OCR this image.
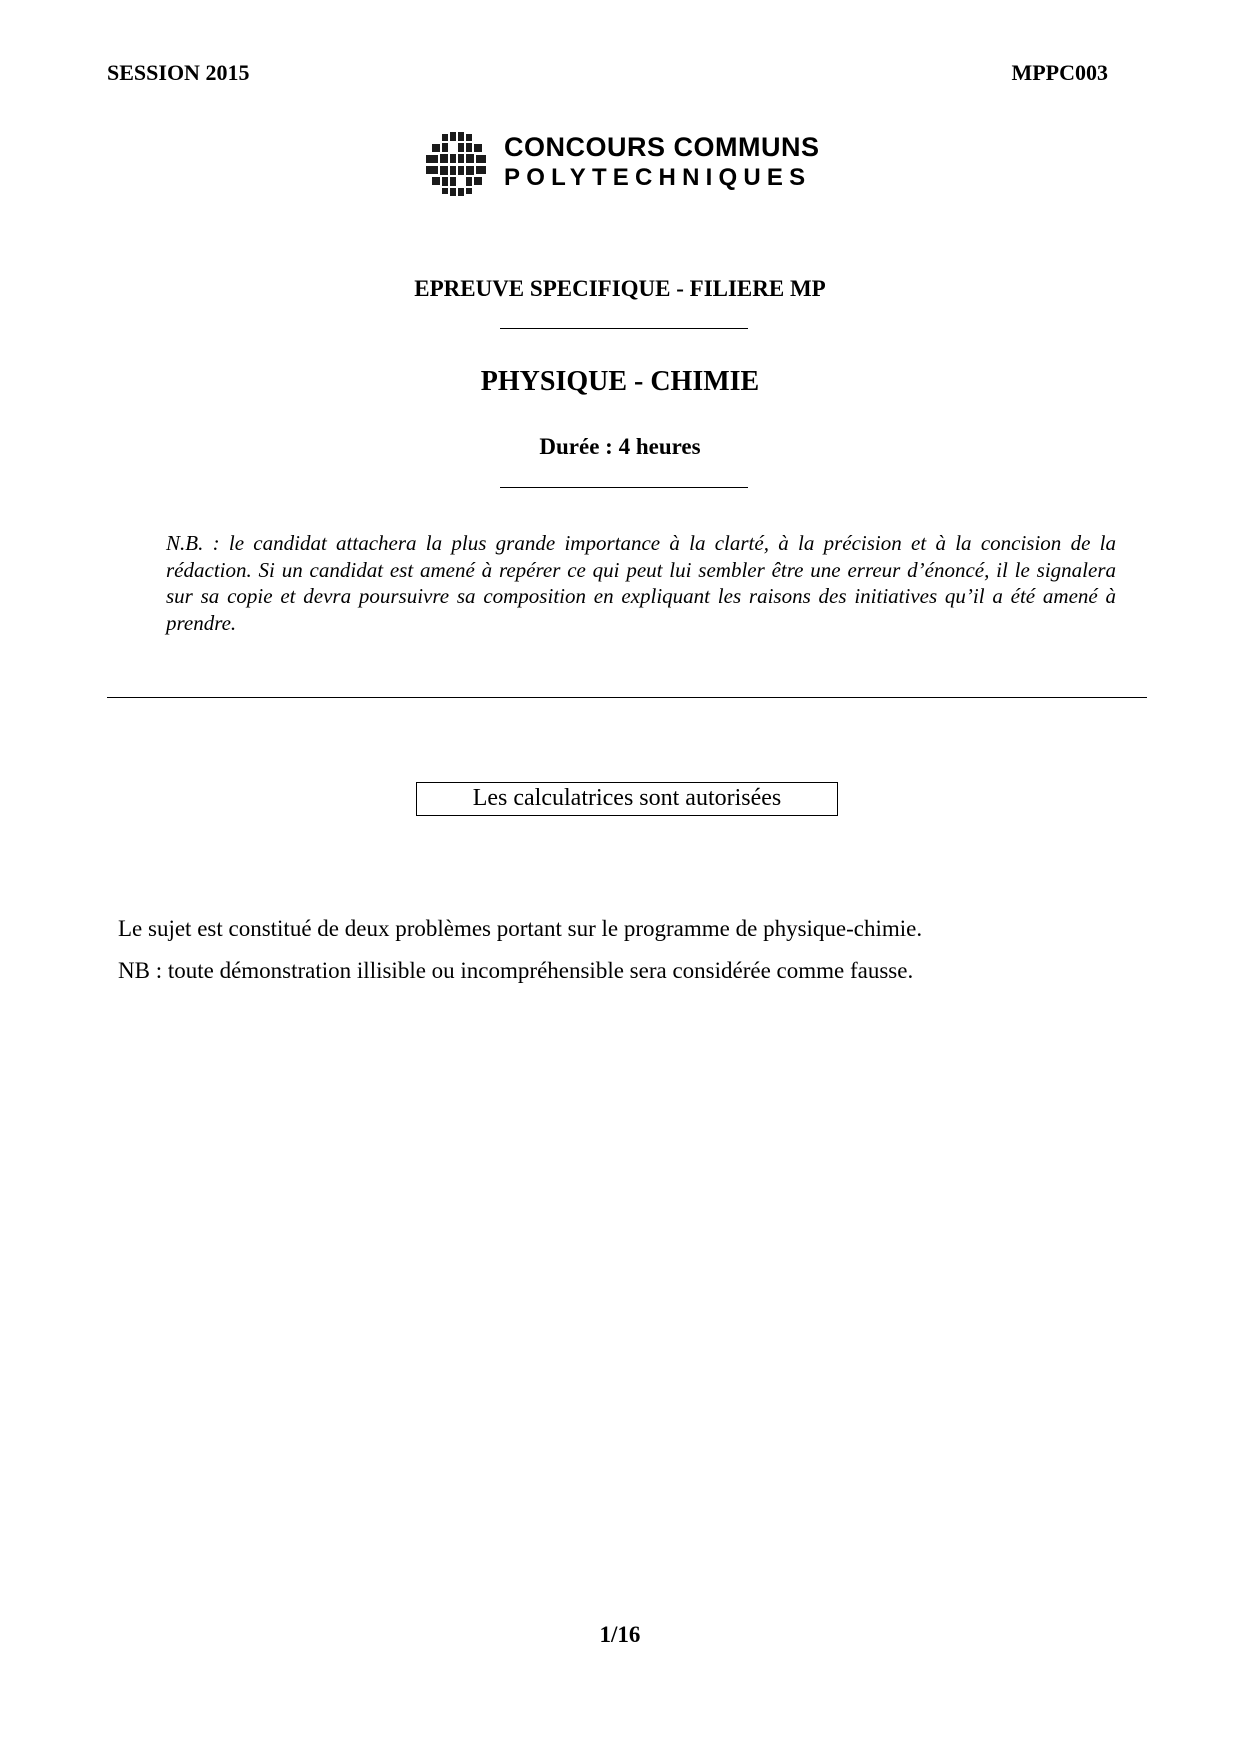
SESSION 2015	MPPC003
CONCOURS COMMUNS
POLYTECHNIQUES
EPREUVE SPECIFIQUE - FILIERE MP
PHYSIQUE - CHIMIE
Durée : 4 heures
N.B. : le candidat attachera la plus grande importance à la clarté, à la précision et à la concision de la rédaction. Si un candidat est amené à repérer ce qui peut lui sembler être une erreur d’énoncé, il le signalera sur sa copie et devra poursuivre sa composition en expliquant les raisons des initiatives qu’il a été amené à prendre.
Les calculatrices sont autorisées
Le sujet est constitué de deux problèmes portant sur le programme de physique-chimie.
NB : toute démonstration illisible ou incompréhensible sera considérée comme fausse.
1/16
